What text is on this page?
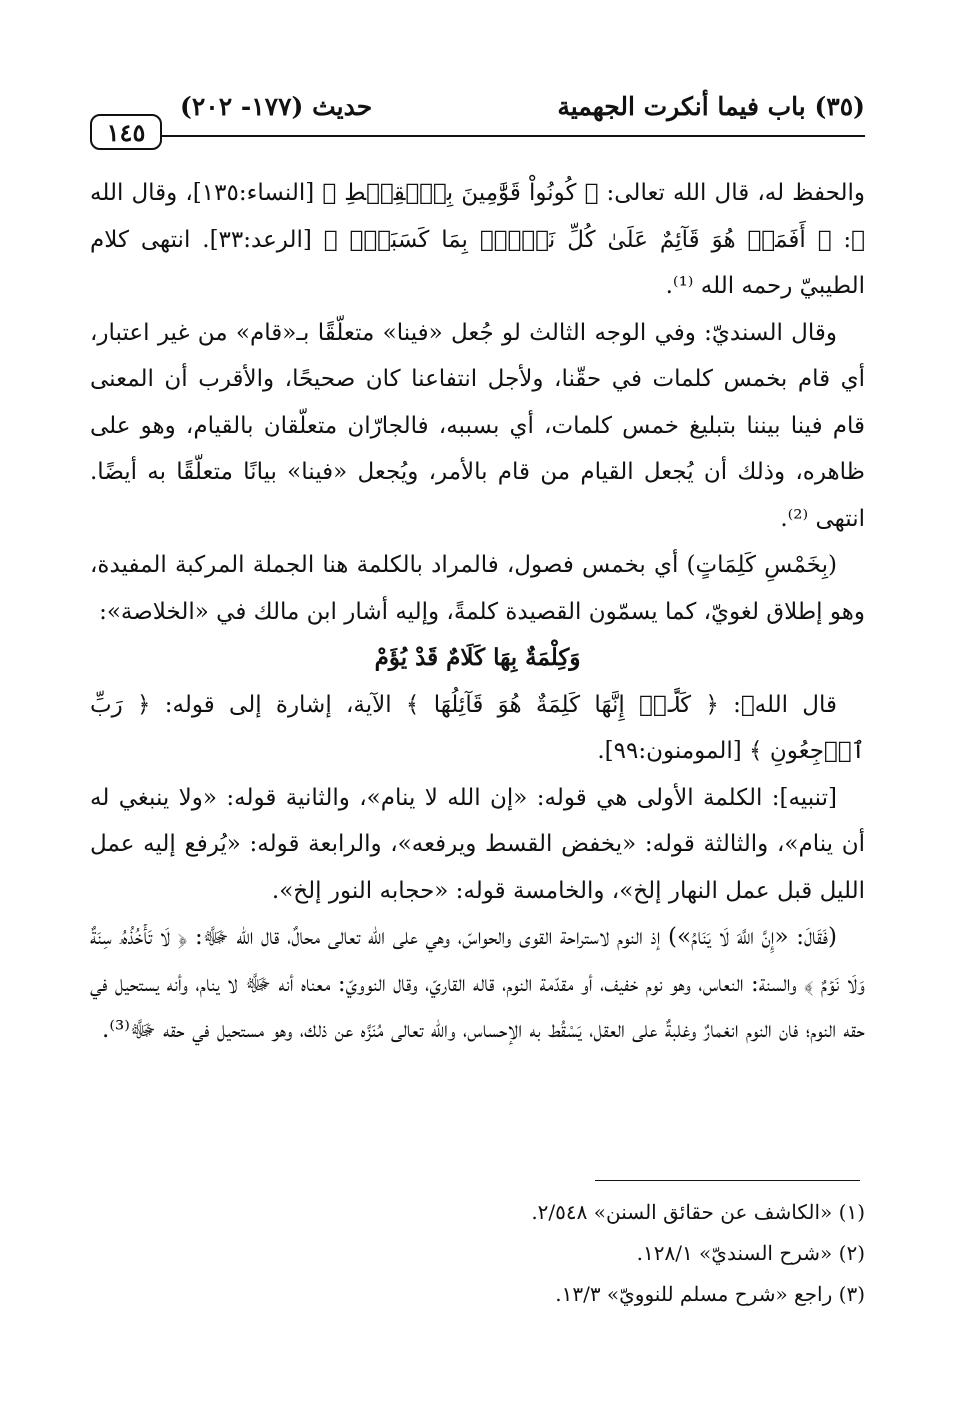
(٣٥) باب فيما أنكرت الجهمية
حديث (١٧٧- ٢٠٢)
١٤٥

والحفظ له، قال الله تعالى: ﴿ كُونُواْ قَوَّٰمِينَ بِٱلۡقِسۡطِ ﴾ [النساء:١٣٥]، وقال الله ﷻ: ﴿ أَفَمَنۡ هُوَ قَآئِمٌ عَلَىٰ كُلِّ نَفۡسِۢ بِمَا كَسَبَتۡۗ ﴾ [الرعد:٣٣]. انتهى كلام الطيبيّ رحمه الله ⁽¹⁾.

وقال السنديّ: وفي الوجه الثالث لو جُعل «فينا» متعلّقًا بـ«قام» من غير اعتبار، أي قام بخمس كلمات في حقّنا، ولأجل انتفاعنا كان صحيحًا، والأقرب أن المعنى قام فينا بيننا بتبليغ خمس كلمات، أي بسببه، فالجارّان متعلّقان بالقيام، وهو على ظاهره، وذلك أن يُجعل القيام من قام بالأمر، ويُجعل «فينا» بيانًا متعلّقًا به أيضًا. انتهى ⁽²⁾.

(بِخَمْسِ كَلِمَاتٍ) أي بخمس فصول، فالمراد بالكلمة هنا الجملة المركبة المفيدة، وهو إطلاق لغويّ، كما يسمّون القصيدة كلمةً، وإليه أشار ابن مالك في «الخلاصة»:

وَكِلْمَةٌ بِهَا كَلَامٌ قَدْ يُؤَمْ

قال اللهﷻ: ﴿ كَلَّآۚ إِنَّهَا كَلِمَةٌ هُوَ قَآئِلُهَا ﴾ الآية، إشارة إلى قوله: ﴿ رَبِّ ٱرۡجِعُونِ ﴾ [المومنون:٩٩].

[تنبيه]: الكلمة الأولى هي قوله: «إن الله لا ينام»، والثانية قوله: «ولا ينبغي له أن ينام»، والثالثة قوله: «يخفض القسط ويرفعه»، والرابعة قوله: «يُرفع إليه عمل الليل قبل عمل النهار إلخ»، والخامسة قوله: «حجابه النور إلخ».

(فَقَالَ: «إِنَّ اللَّهَ لَا يَنَامُ») إذ النوم لاستراحة القوى والحواسّ، وهي على الله تعالى محالٌ، قال الله ﷻ: ﴿ لَا تَأۡخُذُهُۥ سِنَةٌ وَلَا نَوۡمٌ ﴾ والسنة: النعاس، وهو نوم خفيف، أو مقدّمة النوم، قاله القاريّ، وقال النوويّ: معناه أنه ﷻ لا ينام، وأنه يستحيل في حقه النوم؛ فان النوم انغمارٌ وغلبةٌ على العقل، يَسْقُط به الإحساس، والله تعالى مُنَزَّه عن ذلك، وهو مستحيل في حقه ﷻ⁽³⁾.

(١) «الكاشف عن حقائق السنن» ٢/٥٤٨.
(٢) «شرح السنديّ» ١٢٨/١.
(٣) راجع «شرح مسلم للنوويّ» ١٣/٣.
